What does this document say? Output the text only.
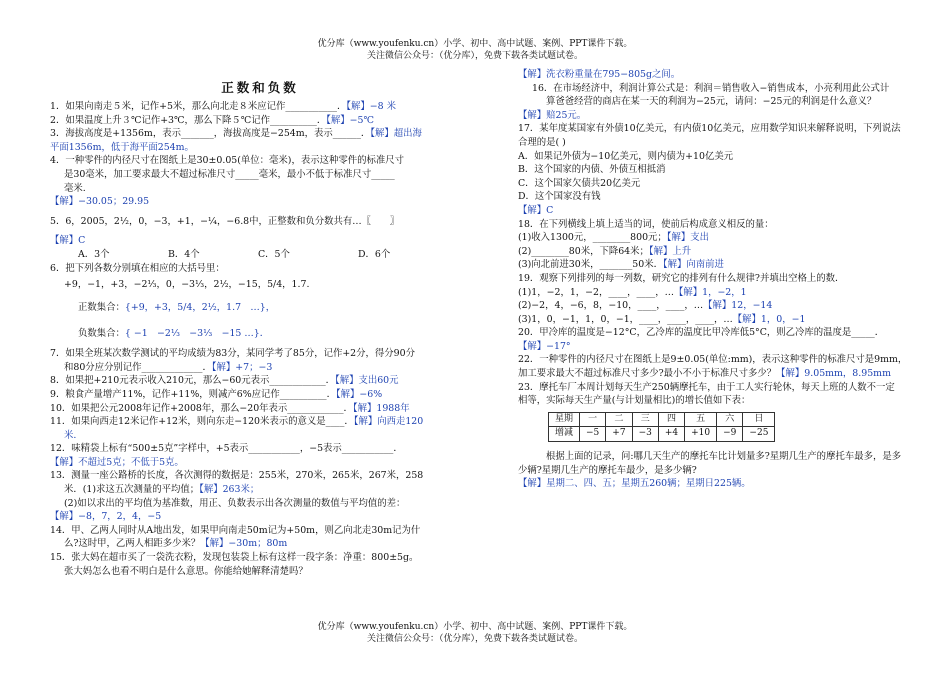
优分库（www.youfenku.cn）小学、初中、高中试题、案例、PPT课件下载。
关注微信公众号：（优分库），免费下载各类试题试卷。
正数和负数
1．如果向南走５米，记作+5米，那么向北走８米应记作___________．【解】−8 米
2．如果温度上升３℃记作+3℃，那么下降５℃记作__________．【解】−5℃
3．海拔高度是+1356m，表示_______，海拔高度是−254m，表示______．【解】超出海
平面1356m，低于海平面254m。
4．一种零件的内径尺寸在图纸上是30±0.05(单位：毫米)，表示这种零件的标准尺寸
是30毫米，加工要求最大不超过标准尺寸_____毫米，最小不低于标准尺寸_____
毫米.
【解】−30.05；29.95
5．6，2005，2½，0，−3，+1，−¼，−6.8中，正整数和负分数共有…〖　　〗
【解】C
A．3个	B．4个	C．5个	D．6个
6．把下列各数分别填在相应的大括号里：
+9，−1，+3，−2⅓，0，−3⅓，2½，−15，5/4，1.7.
正数集合：{+9，+3，5/4，2½，1.7　…}，
负数集合：{ −1　−2⅓　−3⅓　−15 …}．
7．如果全班某次数学测试的平均成绩为83分，某同学考了85分，记作+2分，得分90分
和80分应分别记作_____________．【解】+7；−3
8．如果把+210元表示收入210元，那么−60元表示____________．【解】支出60元
9．粮食产量增产11%，记作+11%，则减产6%应记作__________．【解】−6%
10．如果把公元2008年记作+2008年，那么−20年表示____________．【解】1988年
11．如果向西走12米记作+12米，则向东走−120米表示的意义是____．【解】向西走120
米.
12．味精袋上标有“500±5克”字样中，+5表示___________，−5表示___________．
【解】不超过5克；不低于5克。
13．测量一座公路桥的长度，各次测得的数据是：255米，270米，265米，267米，258
米．(1)求这五次测量的平均值；【解】263米；
(2)如以求出的平均值为基准数，用正、负数表示出各次测量的数值与平均值的差：
【解】−8，7，2，4，−5
14．甲、乙两人同时从A地出发，如果甲向南走50m记为+50m，则乙向北走30m记为什
么?这时甲，乙两人相距多少米？【解】−30m；80m
15．张大妈在超市买了一袋洗衣粉，发现包装袋上标有这样一段字条：净重：800±5g。
张大妈怎么也看不明白是什么意思。你能给她解释清楚吗？
【解】洗衣粉重量在795−805g之间。
16．在市场经济中，利润计算公式是：利润＝销售收入−销售成本，小亮利用此公式计
算爸爸经营的商店在某一天的利润为−25元，请问：−25元的利润是什么意义？
【解】赔25元。
17．某年度某国家有外债10亿美元，有内债10亿美元，应用数学知识来解释说明，下列说法
合理的是( )
A．如果记外债为−10亿美元，则内债为+10亿美元
B．这个国家的内债、外债互相抵消
C．这个国家欠债共20亿美元
D．这个国家没有钱
【解】C
18．在下列横线上填上适当的词，使前后构成意义相反的量：
(1)收入1300元，________800元；【解】支出
(2)________80米，下降64米；【解】上升
(3)向北前进30米，_______50米．【解】向南前进
19．观察下列排列的每一列数，研究它的排列有什么规律?并填出空格上的数．
(1)1，−2，1，−2，____，____，…【解】1，−2，1
(2)−2，4，−6，8，−10，____，____，…【解】12，−14
(3)1，0，−1，1，0，−1，____，____，____，…【解】1，0，−1
20．甲冷库的温度是−12°C，乙冷库的温度比甲冷库低5°C，则乙冷库的温度是_____．
【解】−17°
22．一种零件的内径尺寸在图纸上是9±0.05(单位:mm)，表示这种零件的标准尺寸是9mm，
加工要求最大不超过标准尺寸多少?最小不小于标准尺寸多少？【解】9.05mm，8.95mm
23．摩托车厂本周计划每天生产250辆摩托车，由于工人实行轮休，每天上班的人数不一定
相等，实际每天生产量(与计划量相比)的增长值如下表：
星期	一	二	三	四	五	六	日
增减	−5	+7	−3	+4	+10	−9	−25
根据上面的记录，问:哪几天生产的摩托车比计划量多?星期几生产的摩托车最多，是多
少辆?星期几生产的摩托车最少，是多少辆?
【解】星期二、四、五；星期五260辆；星期日225辆。
优分库（www.youfenku.cn）小学、初中、高中试题、案例、PPT课件下载。
关注微信公众号：（优分库），免费下载各类试题试卷。
